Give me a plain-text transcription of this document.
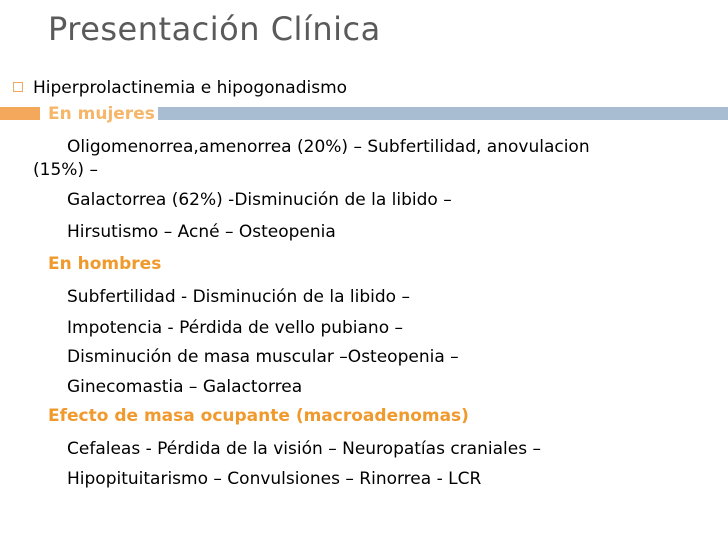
Presentación Clínica
Hiperprolactinemia e hipogonadismo
En mujeres
Oligomenorrea,amenorrea (20%) – Subfertilidad, anovulacion
(15%) –
Galactorrea (62%) -Disminución de la libido –
Hirsutismo – Acné – Osteopenia
En hombres
Subfertilidad - Disminución de la libido –
Impotencia - Pérdida de vello pubiano –
Disminución de masa muscular –Osteopenia –
Ginecomastia – Galactorrea
Efecto de masa ocupante (macroadenomas)
Cefaleas - Pérdida de la visión – Neuropatías craniales –
Hipopituitarismo – Convulsiones – Rinorrea - LCR
